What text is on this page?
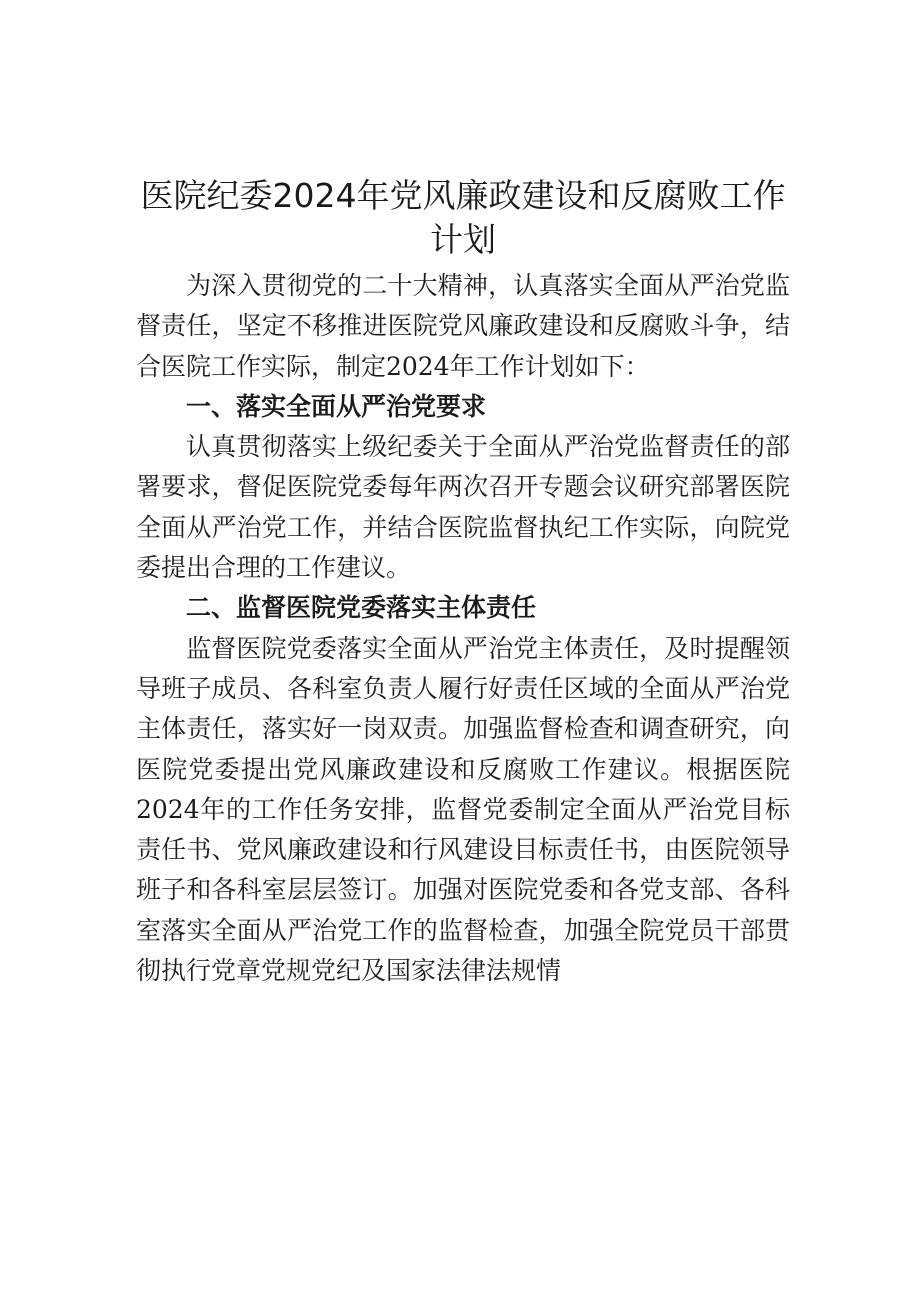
医院纪委2024年党风廉政建设和反腐败工作计划

为深入贯彻党的二十大精神，认真落实全面从严治党监督责任，坚定不移推进医院党风廉政建设和反腐败斗争，结合医院工作实际，制定2024年工作计划如下：

一、落实全面从严治党要求

认真贯彻落实上级纪委关于全面从严治党监督责任的部署要求，督促医院党委每年两次召开专题会议研究部署医院全面从严治党工作，并结合医院监督执纪工作实际，向院党委提出合理的工作建议。

二、监督医院党委落实主体责任

监督医院党委落实全面从严治党主体责任，及时提醒领导班子成员、各科室负责人履行好责任区域的全面从严治党主体责任，落实好一岗双责。加强监督检查和调查研究，向医院党委提出党风廉政建设和反腐败工作建议。根据医院2024年的工作任务安排，监督党委制定全面从严治党目标责任书、党风廉政建设和行风建设目标责任书，由医院领导班子和各科室层层签订。加强对医院党委和各党支部、各科室落实全面从严治党工作的监督检查，加强全院党员干部贯彻执行党章党规党纪及国家法律法规情
